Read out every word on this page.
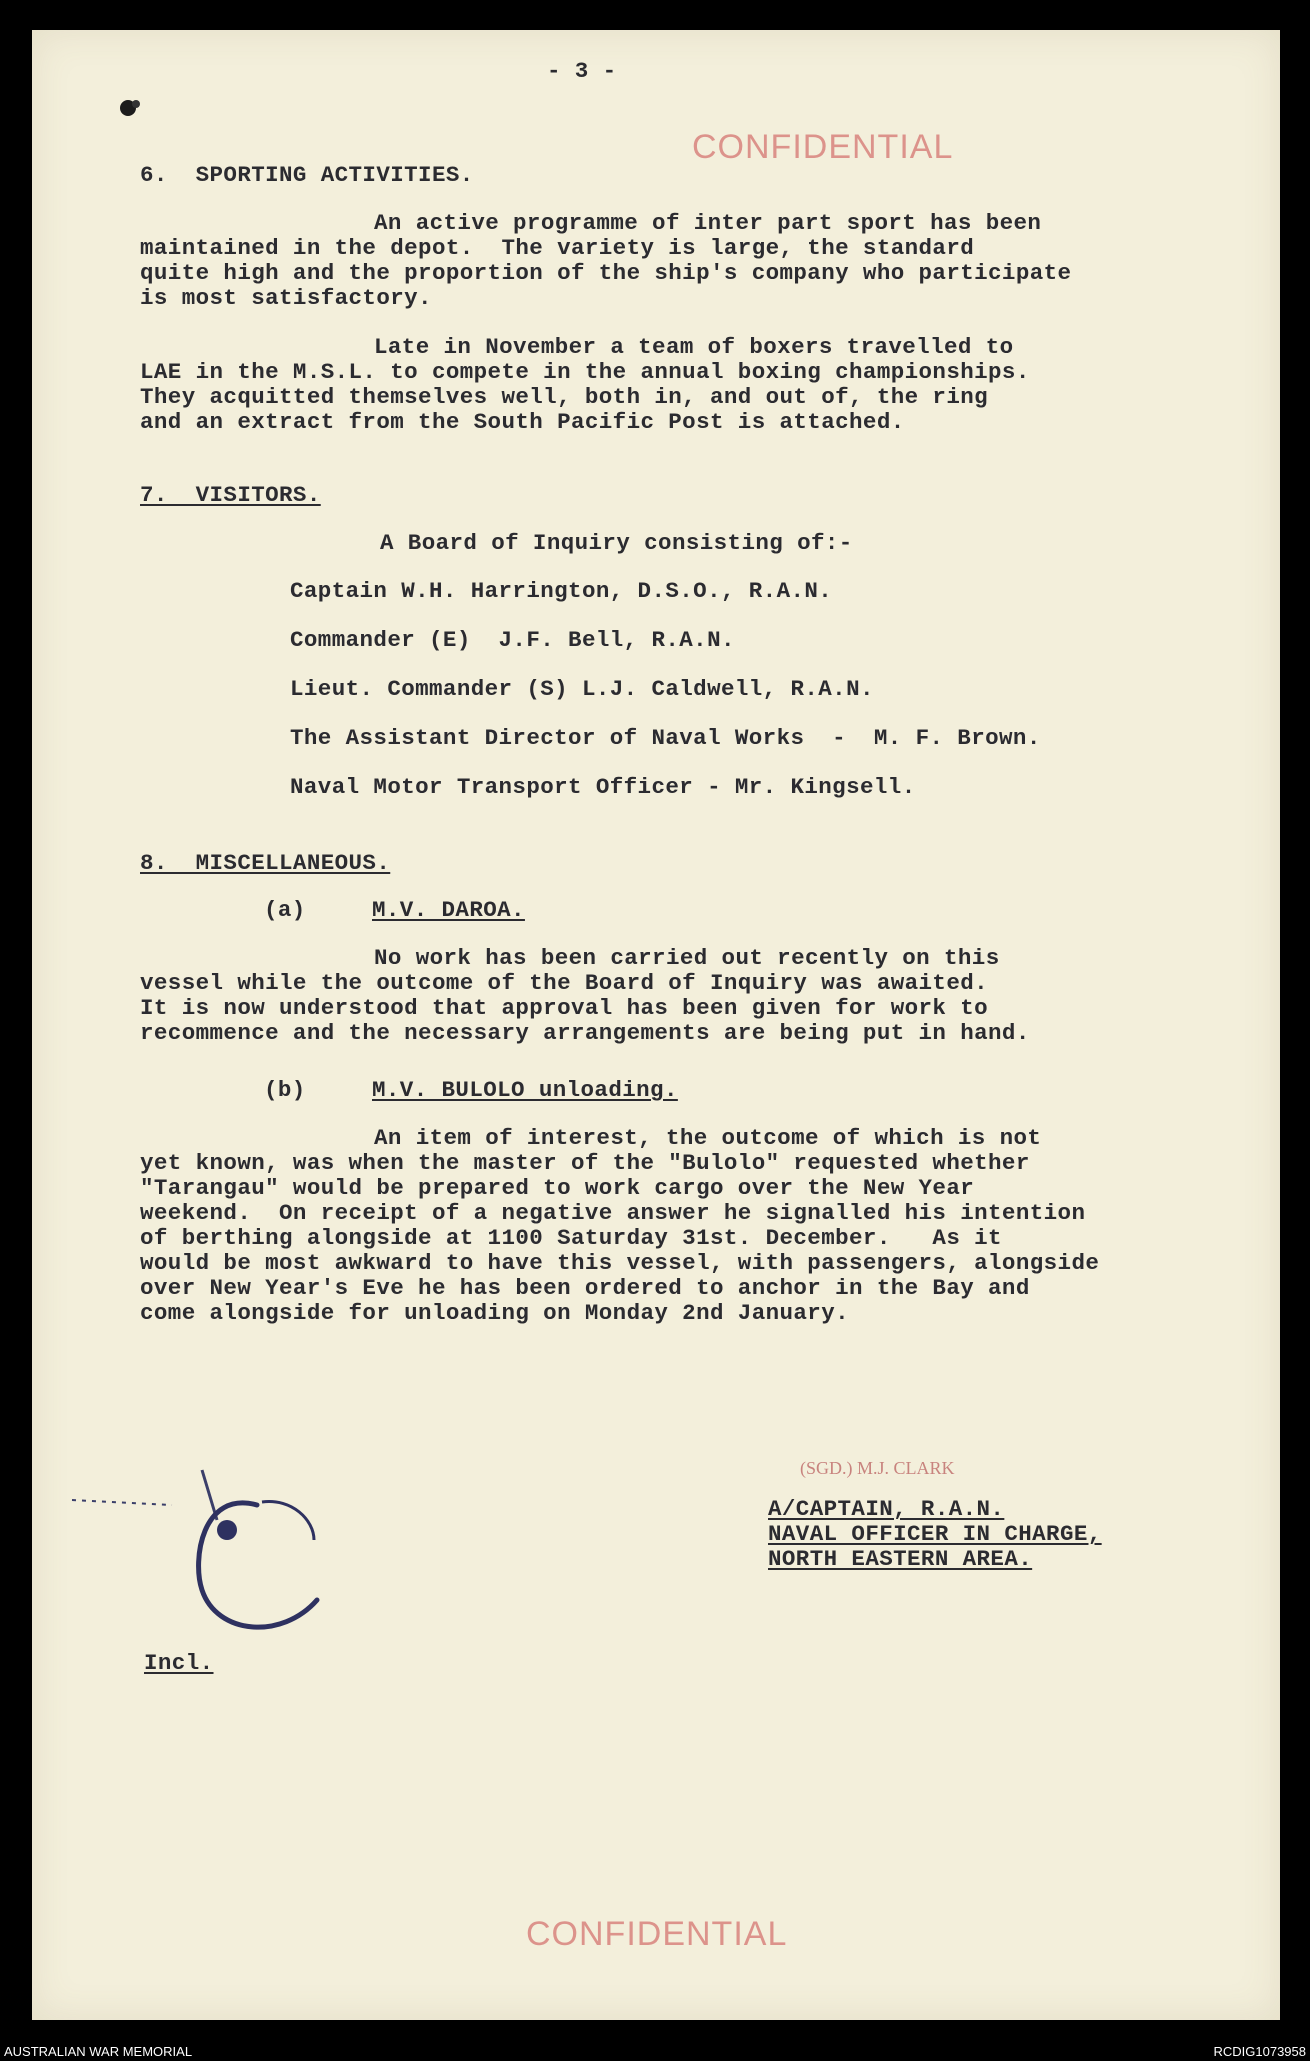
- 3 -
CONFIDENTIAL
6.  SPORTING ACTIVITIES.
An active programme of inter part sport has been
maintained in the depot.  The variety is large, the standard
quite high and the proportion of the ship's company who participate
is most satisfactory.
Late in November a team of boxers travelled to
LAE in the M.S.L. to compete in the annual boxing championships.
They acquitted themselves well, both in, and out of, the ring
and an extract from the South Pacific Post is attached.
7.  VISITORS.
A Board of Inquiry consisting of:-
Captain W.H. Harrington, D.S.O., R.A.N.
Commander (E)  J.F. Bell, R.A.N.
Lieut. Commander (S) L.J. Caldwell, R.A.N.
The Assistant Director of Naval Works  -  M. F. Brown.
Naval Motor Transport Officer - Mr. Kingsell.
8.  MISCELLANEOUS.
(a)	M.V. DAROA.
No work has been carried out recently on this
vessel while the outcome of the Board of Inquiry was awaited.
It is now understood that approval has been given for work to
recommence and the necessary arrangements are being put in hand.
(b)	M.V. BULOLO unloading.
An item of interest, the outcome of which is not
yet known, was when the master of the "Bulolo" requested whether
"Tarangau" would be prepared to work cargo over the New Year
weekend.  On receipt of a negative answer he signalled his intention
of berthing alongside at 1100 Saturday 31st. December.   As it
would be most awkward to have this vessel, with passengers, alongside
over New Year's Eve he has been ordered to anchor in the Bay and
come alongside for unloading on Monday 2nd January.
(SGD.) M.J. CLARK
A/CAPTAIN, R.A.N.
NAVAL OFFICER IN CHARGE,
NORTH EASTERN AREA.
Incl.
CONFIDENTIAL
AUSTRALIAN WAR MEMORIAL	RCDIG1073958
